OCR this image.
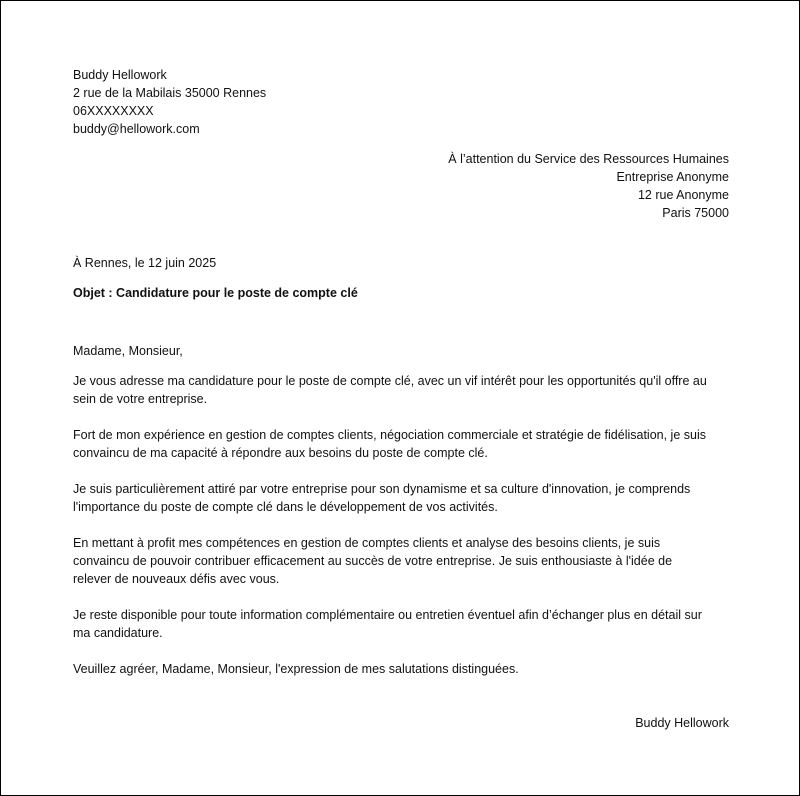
Buddy Hellowork
2 rue de la Mabilais 35000 Rennes
06XXXXXXXX
buddy@hellowork.com
À l’attention du Service des Ressources Humaines
Entreprise Anonyme
12 rue Anonyme
Paris 75000
À Rennes, le 12 juin 2025
Objet : Candidature pour le poste de compte clé
Madame, Monsieur,
Je vous adresse ma candidature pour le poste de compte clé, avec un vif intérêt pour les opportunités qu'il offre au
sein de votre entreprise.
Fort de mon expérience en gestion de comptes clients, négociation commerciale et stratégie de fidélisation, je suis
convaincu de ma capacité à répondre aux besoins du poste de compte clé.
Je suis particulièrement attiré par votre entreprise pour son dynamisme et sa culture d'innovation, je comprends
l'importance du poste de compte clé dans le développement de vos activités.
En mettant à profit mes compétences en gestion de comptes clients et analyse des besoins clients, je suis
convaincu de pouvoir contribuer efficacement au succès de votre entreprise. Je suis enthousiaste à l'idée de
relever de nouveaux défis avec vous.
Je reste disponible pour toute information complémentaire ou entretien éventuel afin d’échanger plus en détail sur
ma candidature.
Veuillez agréer, Madame, Monsieur, l'expression de mes salutations distinguées.
Buddy Hellowork
